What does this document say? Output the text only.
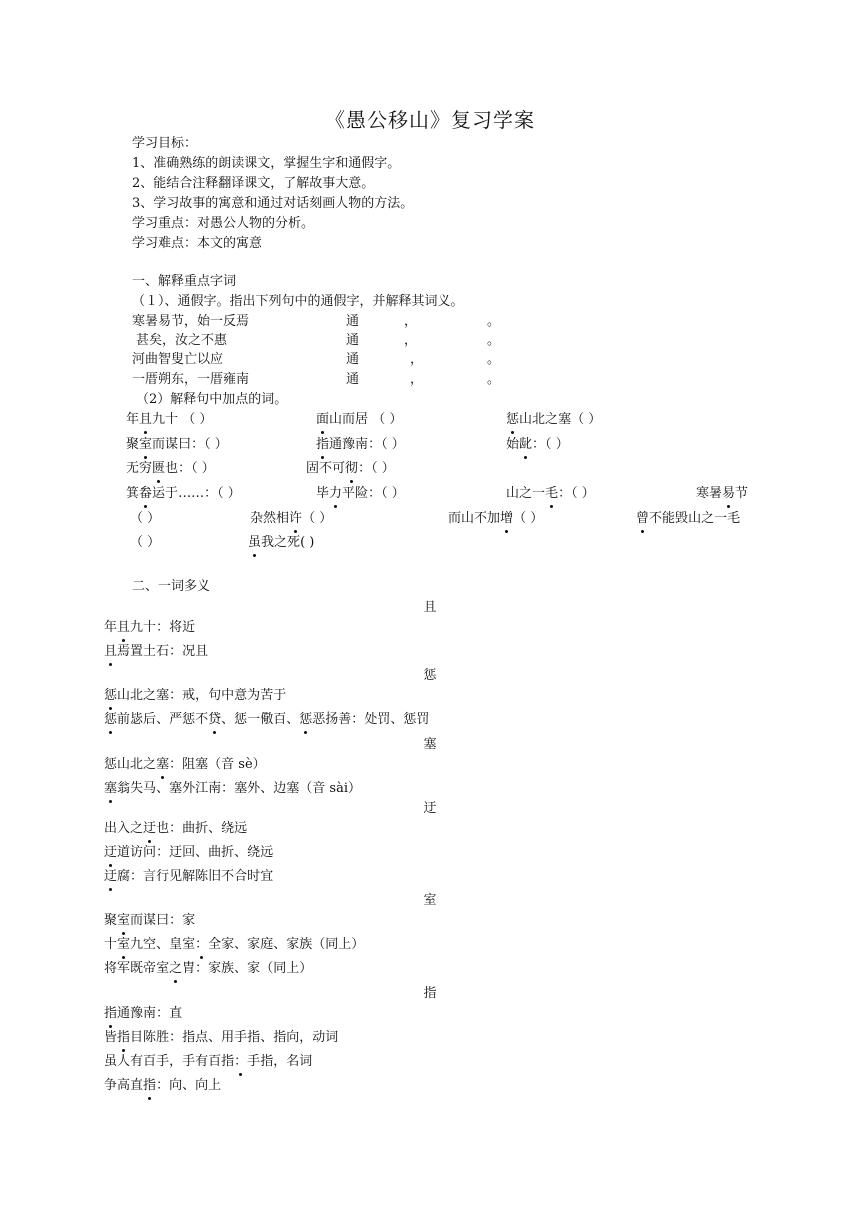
《愚公移山》复习学案
学习目标：
1、准确熟练的朗读课文，掌握生字和通假字。
2、能结合注释翻译课文，了解故事大意。
3、学习故事的寓意和通过对话刻画人物的方法。
学习重点：对愚公人物的分析。
学习难点：本文的寓意
一、解释重点字词
（１）、通假字。指出下列句中的通假字，并解释其词义。
寒暑易节，始一反焉	通	，	。
甚矣，汝之不惠	通	，	。
河曲智叟亡以应	通	，	。
一厝朔东，一厝雍南	通	，	。
（2）解释句中加点的词。
年且九十 （ ）	面山而居 （ ）	惩山北之塞（ ）
聚室而谋曰：（ ）	指通豫南：（ ）	始龀：（ ）
无穷匮也：（ ）	固不可彻：（ ）
箕畚运于……：（ ）	毕力平险：（ ）	山之一毛：（ ）	寒暑易节
（ ）	杂然相许（ ）	而山不加增（ ）	曾不能毁山之一毛
（ ）	虽我之死( )
二、一词多义
且
年且九十：将近
且焉置土石：况且
惩
惩山北之塞：戒，句中意为苦于
惩前毖后、严惩不贷、惩一儆百、惩恶扬善：处罚、惩罚
塞
惩山北之塞：阻塞（音 sè）
塞翁失马、塞外江南：塞外、边塞（音 sài）
迂
出入之迂也：曲折、绕远
迂道访问：迂回、曲折、绕远
迂腐：言行见解陈旧不合时宜
室
聚室而谋曰：家
十室九空、皇室：全家、家庭、家族（同上）
将军既帝室之胄：家族、家（同上）
指
指通豫南：直
皆指目陈胜：指点、用手指、指向，动词
虽人有百手，手有百指：手指，名词
争高直指：向、向上
